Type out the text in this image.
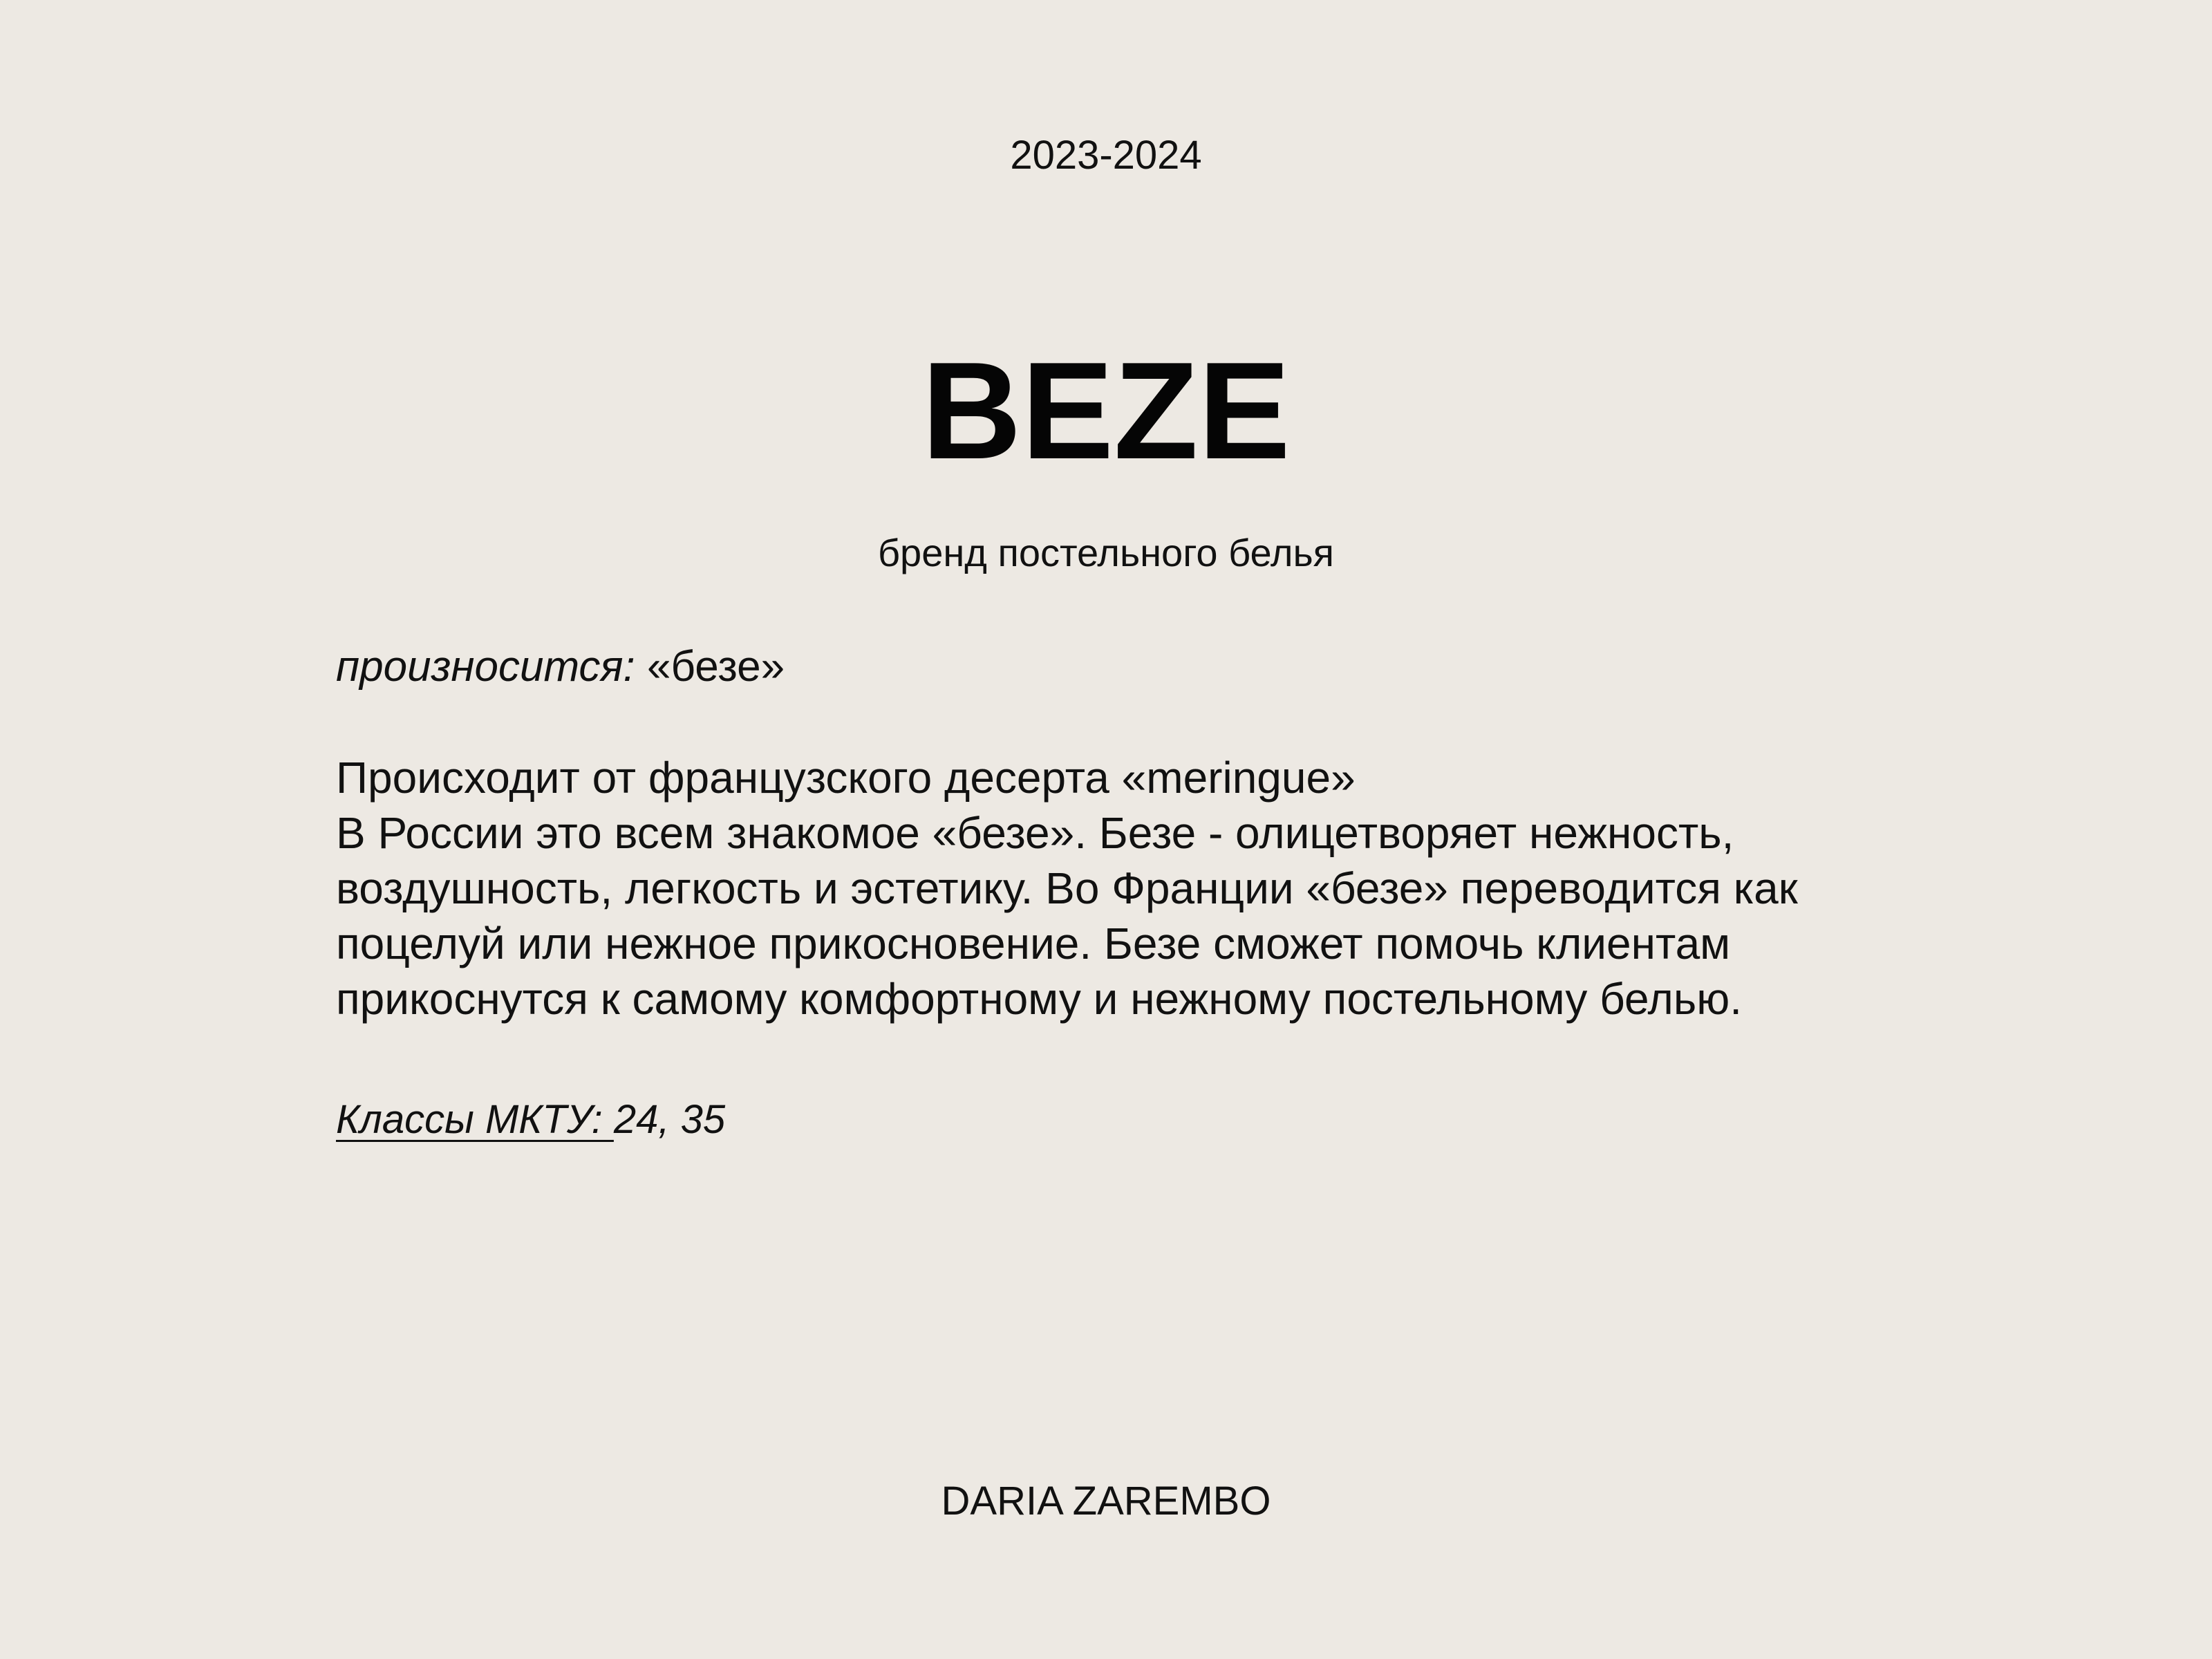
2023-2024
BEZE
бренд постельного белья
произносится: «безе»
Происходит от французского десерта «meringue»
В России это всем знакомое «безе». Безе - олицетворяет нежность,
воздушность, легкость и эстетику. Во Франции «безе» переводится как
поцелуй или нежное прикосновение. Безе сможет помочь клиентам
прикоснутся к самому комфортному и нежному постельному белью.
Классы МКТУ: 24, 35
DARIA ZAREMBO
